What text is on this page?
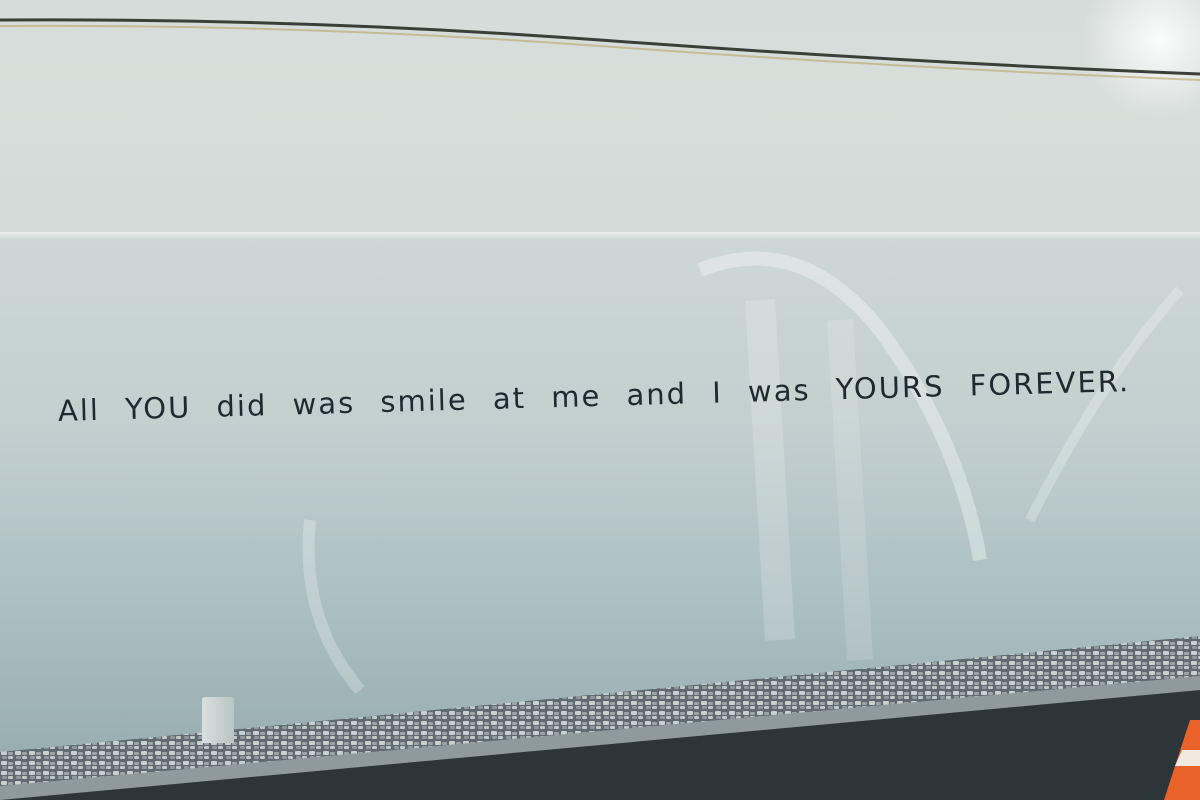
All YOU did was smile at me and I was YOURS FOREVER.
